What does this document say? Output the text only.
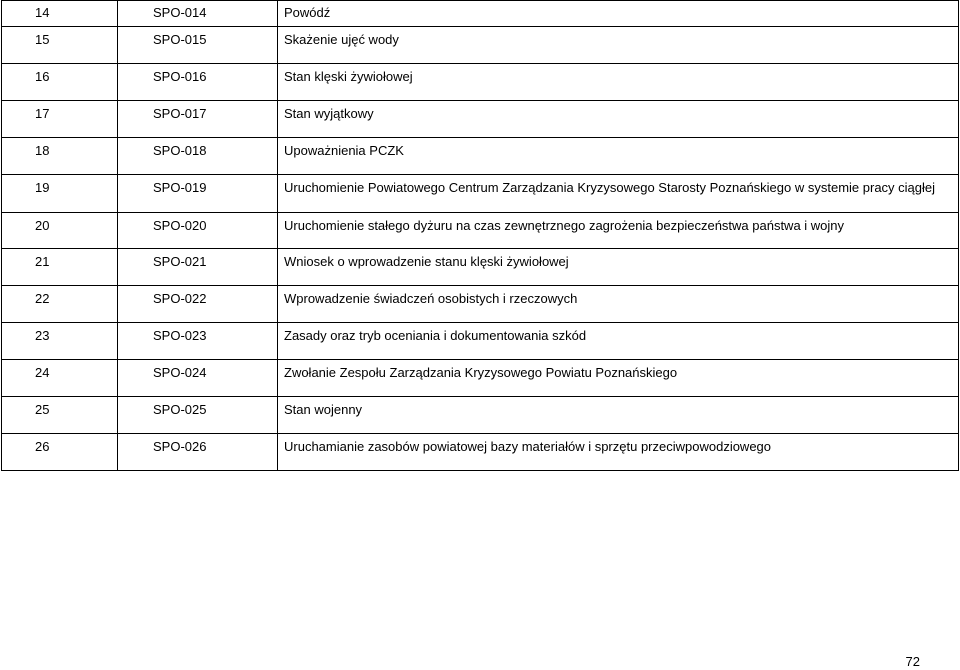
14	SPO-014	Powódź
15	SPO-015	Skażenie ujęć wody
16	SPO-016	Stan klęski żywiołowej
17	SPO-017	Stan wyjątkowy
18	SPO-018	Upoważnienia PCZK
19	SPO-019	Uruchomienie Powiatowego Centrum Zarządzania Kryzysowego Starosty Poznańskiego w systemie pracy ciągłej
20	SPO-020	Uruchomienie stałego dyżuru na czas zewnętrznego zagrożenia bezpieczeństwa państwa i wojny
21	SPO-021	Wniosek o wprowadzenie stanu klęski żywiołowej
22	SPO-022	Wprowadzenie świadczeń osobistych i rzeczowych
23	SPO-023	Zasady oraz tryb oceniania i dokumentowania szkód
24	SPO-024	Zwołanie Zespołu Zarządzania Kryzysowego Powiatu Poznańskiego
25	SPO-025	Stan wojenny
26	SPO-026	Uruchamianie zasobów powiatowej bazy materiałów i sprzętu przeciwpowodziowego
72
